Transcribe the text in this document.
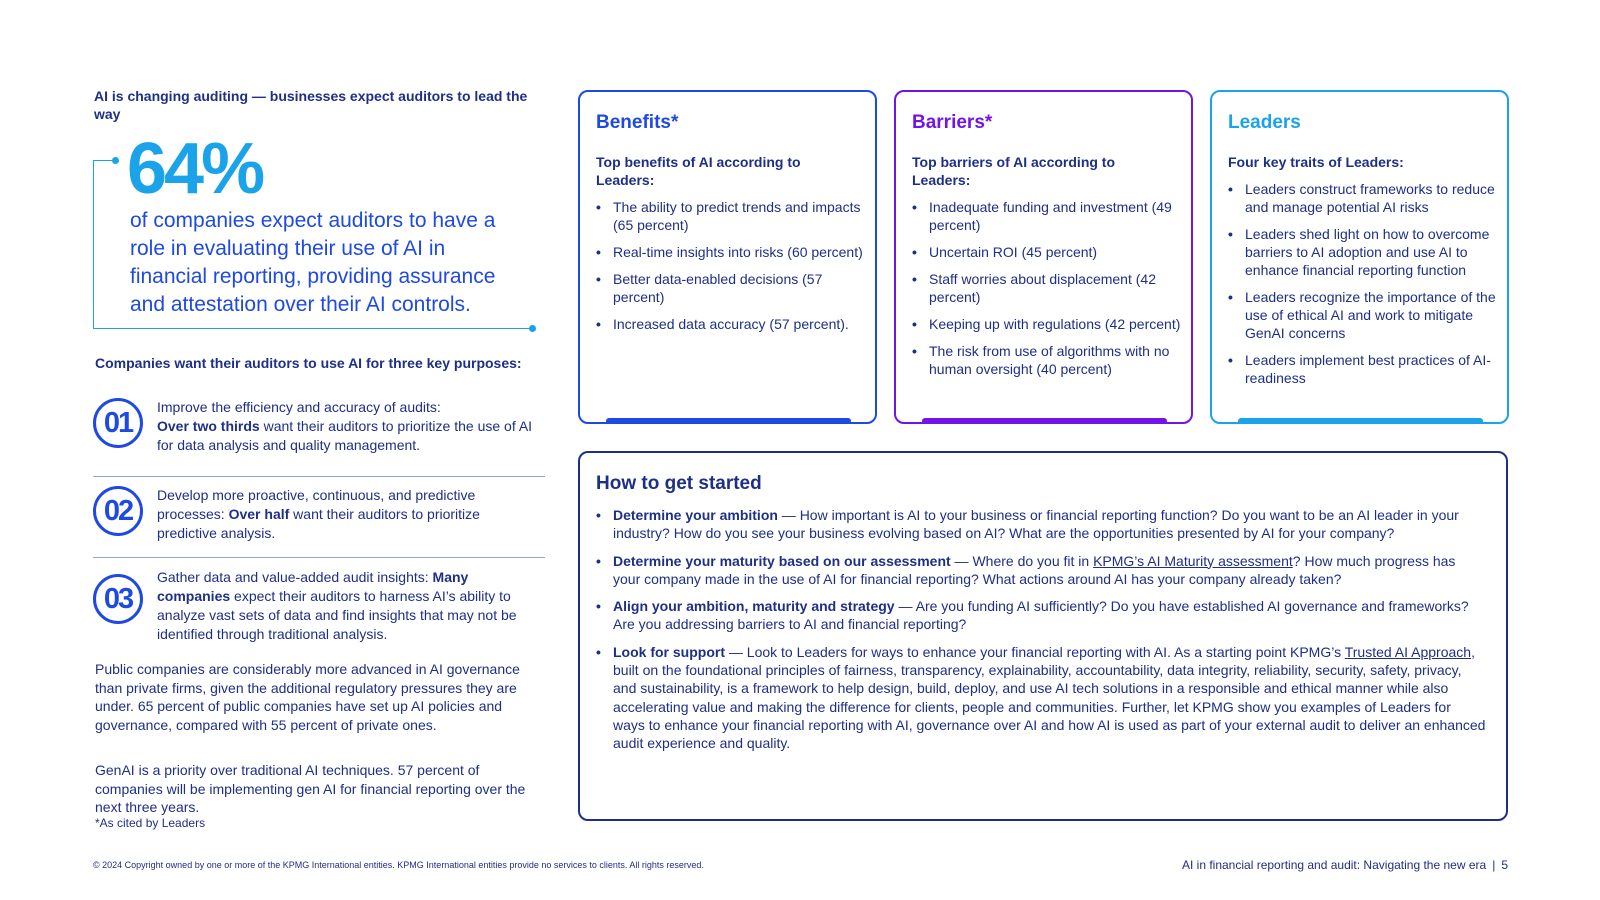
AI is changing auditing — businesses expect auditors to lead the way
64%
of companies expect auditors to have a role in evaluating their use of AI in financial reporting, providing assurance and attestation over their AI controls.
Companies want their auditors to use AI for three key purposes:
01	Improve the efficiency and accuracy of audits:
Over two thirds want their auditors to prioritize the use of AI for data analysis and quality management.
02	Develop more proactive, continuous, and predictive processes: Over half want their auditors to prioritize predictive analysis.
03
Gather data and value-added audit insights: Many companies expect their auditors to harness AI’s ability to analyze vast sets of data and find insights that may not be identified through traditional analysis.
Public companies are considerably more advanced in AI governance than private firms, given the additional regulatory pressures they are under. 65 percent of public companies have set up AI policies and governance, compared with 55 percent of private ones.
GenAI is a priority over traditional AI techniques. 57 percent of companies will be implementing gen AI for financial reporting over the next three years.
*As cited by Leaders
Benefits*
Top benefits of AI according to Leaders:
• The ability to predict trends and impacts (65 percent)
• Real-time insights into risks (60 percent)
• Better data-enabled decisions (57 percent)
• Increased data accuracy (57 percent).
Barriers*
Top barriers of AI according to Leaders:
• Inadequate funding and investment (49 percent)
• Uncertain ROI (45 percent)
• Staff worries about displacement (42 percent)
• Keeping up with regulations (42 percent)
• The risk from use of algorithms with no human oversight (40 percent)
Leaders
Four key traits of Leaders:
• Leaders construct frameworks to reduce and manage potential AI risks
• Leaders shed light on how to overcome barriers to AI adoption and use AI to enhance financial reporting function
• Leaders recognize the importance of the use of ethical AI and work to mitigate GenAI concerns
• Leaders implement best practices of AI-readiness
How to get started
• Determine your ambition — How important is AI to your business or financial reporting function? Do you want to be an AI leader in your industry? How do you see your business evolving based on AI? What are the opportunities presented by AI for your company?
• Determine your maturity based on our assessment — Where do you fit in KPMG’s AI Maturity assessment? How much progress has your company made in the use of AI for financial reporting? What actions around AI has your company already taken?
• Align your ambition, maturity and strategy — Are you funding AI sufficiently? Do you have established AI governance and frameworks? Are you addressing barriers to AI and financial reporting?
• Look for support — Look to Leaders for ways to enhance your financial reporting with AI. As a starting point KPMG’s Trusted AI Approach, built on the foundational principles of fairness, transparency, explainability, accountability, data integrity, reliability, security, safety, privacy, and sustainability, is a framework to help design, build, deploy, and use AI tech solutions in a responsible and ethical manner while also accelerating value and making the difference for clients, people and communities. Further, let KPMG show you examples of Leaders for ways to enhance your financial reporting with AI, governance over AI and how AI is used as part of your external audit to deliver an enhanced audit experience and quality.
© 2024 Copyright owned by one or more of the KPMG International entities. KPMG International entities provide no services to clients. All rights reserved.	AI in financial reporting and audit: Navigating the new era | 5
